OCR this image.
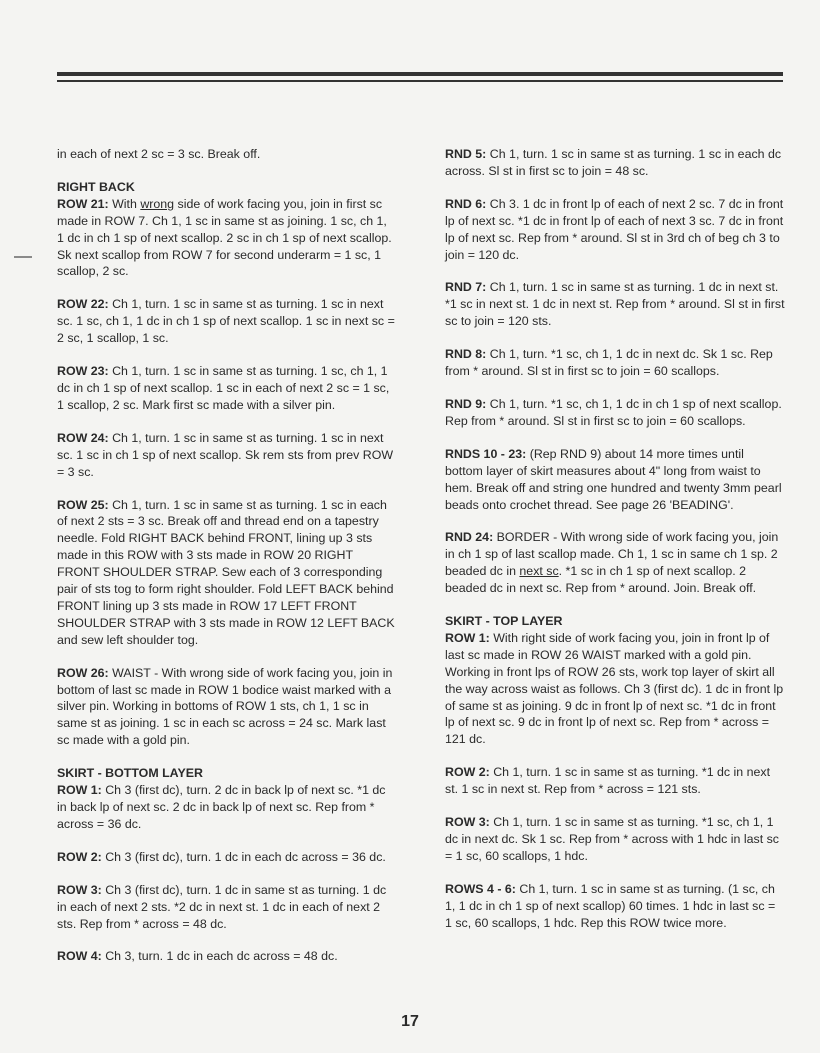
in each of next 2 sc = 3 sc. Break off.

RIGHT BACK

ROW 21: With wrong side of work facing you, join in first sc made in ROW 7. Ch 1, 1 sc in same st as joining. 1 sc, ch 1, 1 dc in ch 1 sp of next scallop. 2 sc in ch 1 sp of next scallop. Sk next scallop from ROW 7 for second underarm = 1 sc, 1 scallop, 2 sc.

ROW 22: Ch 1, turn. 1 sc in same st as turning. 1 sc in next sc. 1 sc, ch 1, 1 dc in ch 1 sp of next scallop. 1 sc in next sc = 2 sc, 1 scallop, 1 sc.

ROW 23: Ch 1, turn. 1 sc in same st as turning. 1 sc, ch 1, 1 dc in ch 1 sp of next scallop. 1 sc in each of next 2 sc = 1 sc, 1 scallop, 2 sc. Mark first sc made with a silver pin.

ROW 24: Ch 1, turn. 1 sc in same st as turning. 1 sc in next sc. 1 sc in ch 1 sp of next scallop. Sk rem sts from prev ROW = 3 sc.

ROW 25: Ch 1, turn. 1 sc in same st as turning. 1 sc in each of next 2 sts = 3 sc. Break off and thread end on a tapestry needle. Fold RIGHT BACK behind FRONT, lining up 3 sts made in this ROW with 3 sts made in ROW 20 RIGHT FRONT SHOULDER STRAP. Sew each of 3 corresponding pair of sts tog to form right shoulder. Fold LEFT BACK behind FRONT lining up 3 sts made in ROW 17 LEFT FRONT SHOULDER STRAP with 3 sts made in ROW 12 LEFT BACK and sew left shoulder tog.

ROW 26: WAIST - With wrong side of work facing you, join in bottom of last sc made in ROW 1 bodice waist marked with a silver pin. Working in bottoms of ROW 1 sts, ch 1, 1 sc in same st as joining. 1 sc in each sc across = 24 sc. Mark last sc made with a gold pin.

SKIRT - BOTTOM LAYER

ROW 1: Ch 3 (first dc), turn. 2 dc in back lp of next sc. *1 dc in back lp of next sc. 2 dc in back lp of next sc. Rep from * across = 36 dc.

ROW 2: Ch 3 (first dc), turn. 1 dc in each dc across = 36 dc.

ROW 3: Ch 3 (first dc), turn. 1 dc in same st as turning. 1 dc in each of next 2 sts. *2 dc in next st. 1 dc in each of next 2 sts. Rep from * across = 48 dc.

ROW 4: Ch 3, turn. 1 dc in each dc across = 48 dc.

RND 5: Ch 1, turn. 1 sc in same st as turning. 1 sc in each dc across. Sl st in first sc to join = 48 sc.

RND 6: Ch 3. 1 dc in front lp of each of next 2 sc. 7 dc in front lp of next sc. *1 dc in front lp of each of next 3 sc. 7 dc in front lp of next sc. Rep from * around. Sl st in 3rd ch of beg ch 3 to join = 120 dc.

RND 7: Ch 1, turn. 1 sc in same st as turning. 1 dc in next st. *1 sc in next st. 1 dc in next st. Rep from * around. Sl st in first sc to join = 120 sts.

RND 8: Ch 1, turn. *1 sc, ch 1, 1 dc in next dc. Sk 1 sc. Rep from * around. Sl st in first sc to join = 60 scallops.

RND 9: Ch 1, turn. *1 sc, ch 1, 1 dc in ch 1 sp of next scallop. Rep from * around. Sl st in first sc to join = 60 scallops.

RNDS 10 - 23: (Rep RND 9) about 14 more times until bottom layer of skirt measures about 4" long from waist to hem. Break off and string one hundred and twenty 3mm pearl beads onto crochet thread. See page 26 'BEADING'.

RND 24: BORDER - With wrong side of work facing you, join in ch 1 sp of last scallop made. Ch 1, 1 sc in same ch 1 sp. 2 beaded dc in next sc. *1 sc in ch 1 sp of next scallop. 2 beaded dc in next sc. Rep from * around. Join. Break off.

SKIRT - TOP LAYER

ROW 1: With right side of work facing you, join in front lp of last sc made in ROW 26 WAIST marked with a gold pin. Working in front lps of ROW 26 sts, work top layer of skirt all the way across waist as follows. Ch 3 (first dc). 1 dc in front lp of same st as joining. 9 dc in front lp of next sc. *1 dc in front lp of next sc. 9 dc in front lp of next sc. Rep from * across = 121 dc.

ROW 2: Ch 1, turn. 1 sc in same st as turning. *1 dc in next st. 1 sc in next st. Rep from * across = 121 sts.

ROW 3: Ch 1, turn. 1 sc in same st as turning. *1 sc, ch 1, 1 dc in next dc. Sk 1 sc. Rep from * across with 1 hdc in last sc = 1 sc, 60 scallops, 1 hdc.

ROWS 4 - 6: Ch 1, turn. 1 sc in same st as turning. (1 sc, ch 1, 1 dc in ch 1 sp of next scallop) 60 times. 1 hdc in last sc = 1 sc, 60 scallops, 1 hdc. Rep this ROW twice more.

17
